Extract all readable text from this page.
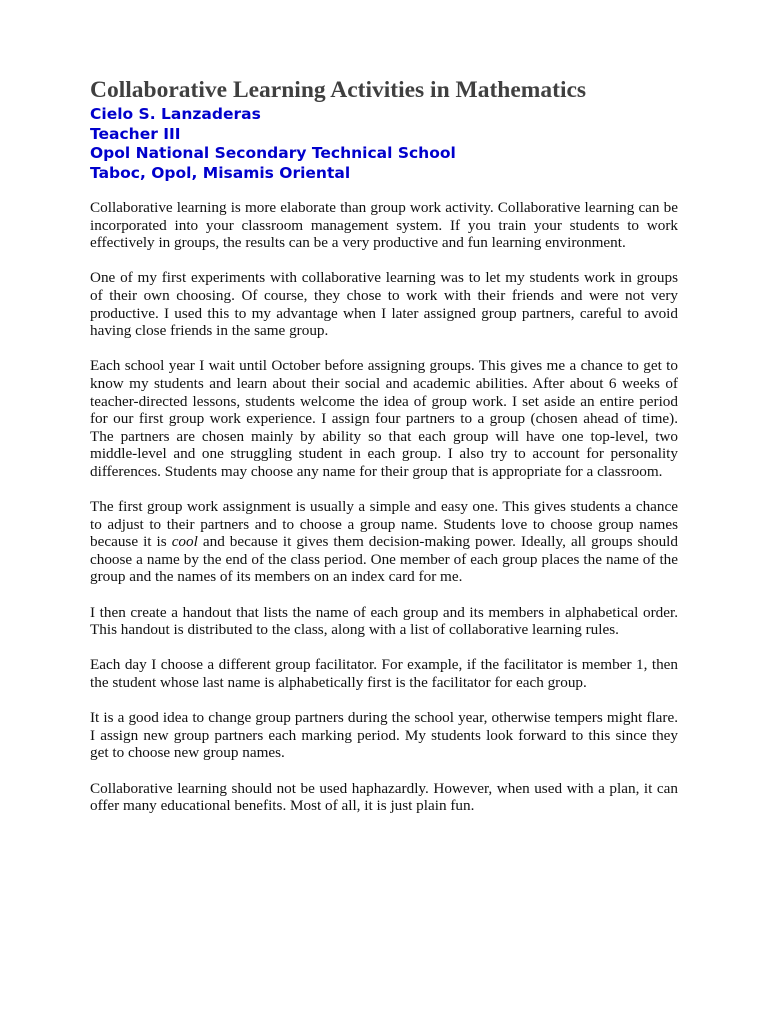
Collaborative Learning Activities in Mathematics
Cielo S. Lanzaderas
Teacher III
Opol National Secondary Technical School
Taboc, Opol, Misamis Oriental

Collaborative learning is more elaborate than group work activity. Collaborative learning can be incorporated into your classroom management system. If you train your students to work effectively in groups, the results can be a very productive and fun learning environment.

One of my first experiments with collaborative learning was to let my students work in groups of their own choosing. Of course, they chose to work with their friends and were not very productive. I used this to my advantage when I later assigned group partners, careful to avoid having close friends in the same group.

Each school year I wait until October before assigning groups. This gives me a chance to get to know my students and learn about their social and academic abilities. After about 6 weeks of teacher-directed lessons, students welcome the idea of group work. I set aside an entire period for our first group work experience. I assign four partners to a group (chosen ahead of time). The partners are chosen mainly by ability so that each group will have one top-level, two middle-level and one struggling student in each group. I also try to account for personality differences. Students may choose any name for their group that is appropriate for a classroom.

The first group work assignment is usually a simple and easy one. This gives students a chance to adjust to their partners and to choose a group name. Students love to choose group names because it is cool and because it gives them decision-making power. Ideally, all groups should choose a name by the end of the class period. One member of each group places the name of the group and the names of its members on an index card for me.

I then create a handout that lists the name of each group and its members in alphabetical order. This handout is distributed to the class, along with a list of collaborative learning rules.

Each day I choose a different group facilitator. For example, if the facilitator is member 1, then the student whose last name is alphabetically first is the facilitator for each group.

It is a good idea to change group partners during the school year, otherwise tempers might flare. I assign new group partners each marking period. My students look forward to this since they get to choose new group names.

Collaborative learning should not be used haphazardly. However, when used with a plan, it can offer many educational benefits. Most of all, it is just plain fun.
